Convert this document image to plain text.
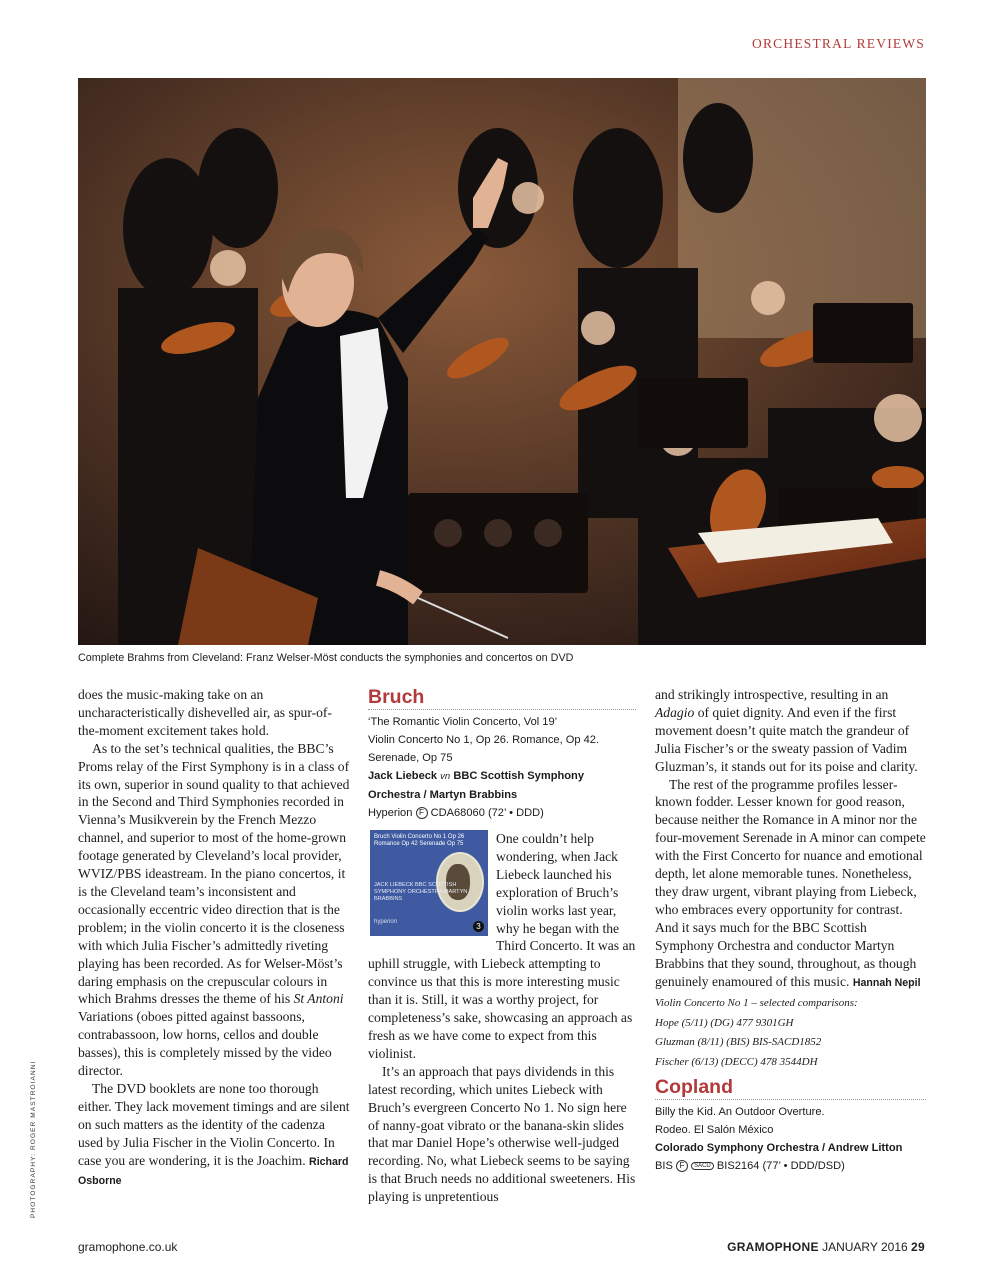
ORCHESTRAL REVIEWS
Complete Brahms from Cleveland: Franz Welser-Möst conducts the symphonies and concertos on DVD
PHOTOGRAPHY: ROGER MASTROIANNI

does the music-making take on an uncharacteristically dishevelled air, as spur-of-the-moment excitement takes hold.

As to the set’s technical qualities, the BBC’s Proms relay of the First Symphony is in a class of its own, superior in sound quality to that achieved in the Second and Third Symphonies recorded in Vienna’s Musikverein by the French Mezzo channel, and superior to most of the home-grown footage generated by Cleveland’s local provider, WVIZ/PBS ideastream. In the piano concertos, it is the Cleveland team’s inconsistent and occasionally eccentric video direction that is the problem; in the violin concerto it is the closeness with which Julia Fischer’s admittedly riveting playing has been recorded. As for Welser-Möst’s daring emphasis on the crepuscular colours in which Brahms dresses the theme of his St Antoni Variations (oboes pitted against bassoons, contrabassoon, low horns, cellos and double basses), this is completely missed by the video director.

The DVD booklets are none too thorough either. They lack movement timings and are silent on such matters as the identity of the cadenza used by Julia Fischer in the Violin Concerto. In case you are wondering, it is the Joachim. Richard Osborne

Bruch
‘The Romantic Violin Concerto, Vol 19’
Violin Concerto No 1, Op 26. Romance, Op 42.
Serenade, Op 75
Jack Liebeck vn BBC Scottish Symphony
Orchestra / Martyn Brabbins
Hyperion F CDA68060 (72’ • DDD)
Bruch Violin Concerto No 1 Op 26 Romance Op 42 Serenade Op 75
JACK LIEBECK BBC SCOTTISH SYMPHONY ORCHESTRA MARTYN BRABBINS
hyperion	3

One couldn’t help wondering, when Jack Liebeck launched his exploration of Bruch’s violin works last year, why he began with the Third Concerto. It was an uphill struggle, with Liebeck attempting to convince us that this is more interesting music than it is. Still, it was a worthy project, for completeness’s sake, showcasing an approach as fresh as we have come to expect from this violinist.

It’s an approach that pays dividends in this latest recording, which unites Liebeck with Bruch’s evergreen Concerto No 1. No sign here of nanny-goat vibrato or the banana-skin slides that mar Daniel Hope’s otherwise well-judged recording. No, what Liebeck seems to be saying is that Bruch needs no additional sweeteners. His playing is unpretentious

and strikingly introspective, resulting in an Adagio of quiet dignity. And even if the first movement doesn’t quite match the grandeur of Julia Fischer’s or the sweaty passion of Vadim Gluzman’s, it stands out for its poise and clarity.

The rest of the programme profiles lesser-known fodder. Lesser known for good reason, because neither the Romance in A minor nor the four-movement Serenade in A minor can compete with the First Concerto for nuance and emotional depth, let alone memorable tunes. Nonetheless, they draw urgent, vibrant playing from Liebeck, who embraces every opportunity for contrast. And it says much for the BBC Scottish Symphony Orchestra and conductor Martyn Brabbins that they sound, throughout, as though genuinely enamoured of this music. Hannah Nepil

Violin Concerto No 1 – selected comparisons:
Hope (5/11) (DG) 477 9301GH
Gluzman (8/11) (BIS) BIS-SACD1852
Fischer (6/13) (DECC) 478 3544DH
Copland
Billy the Kid. An Outdoor Overture.
Rodeo. El Salón México
Colorado Symphony Orchestra / Andrew Litton
BIS F SACD BIS2164 (77’ • DDD/DSD)
gramophone.co.uk	GRAMOPHONE JANUARY 2016 29
